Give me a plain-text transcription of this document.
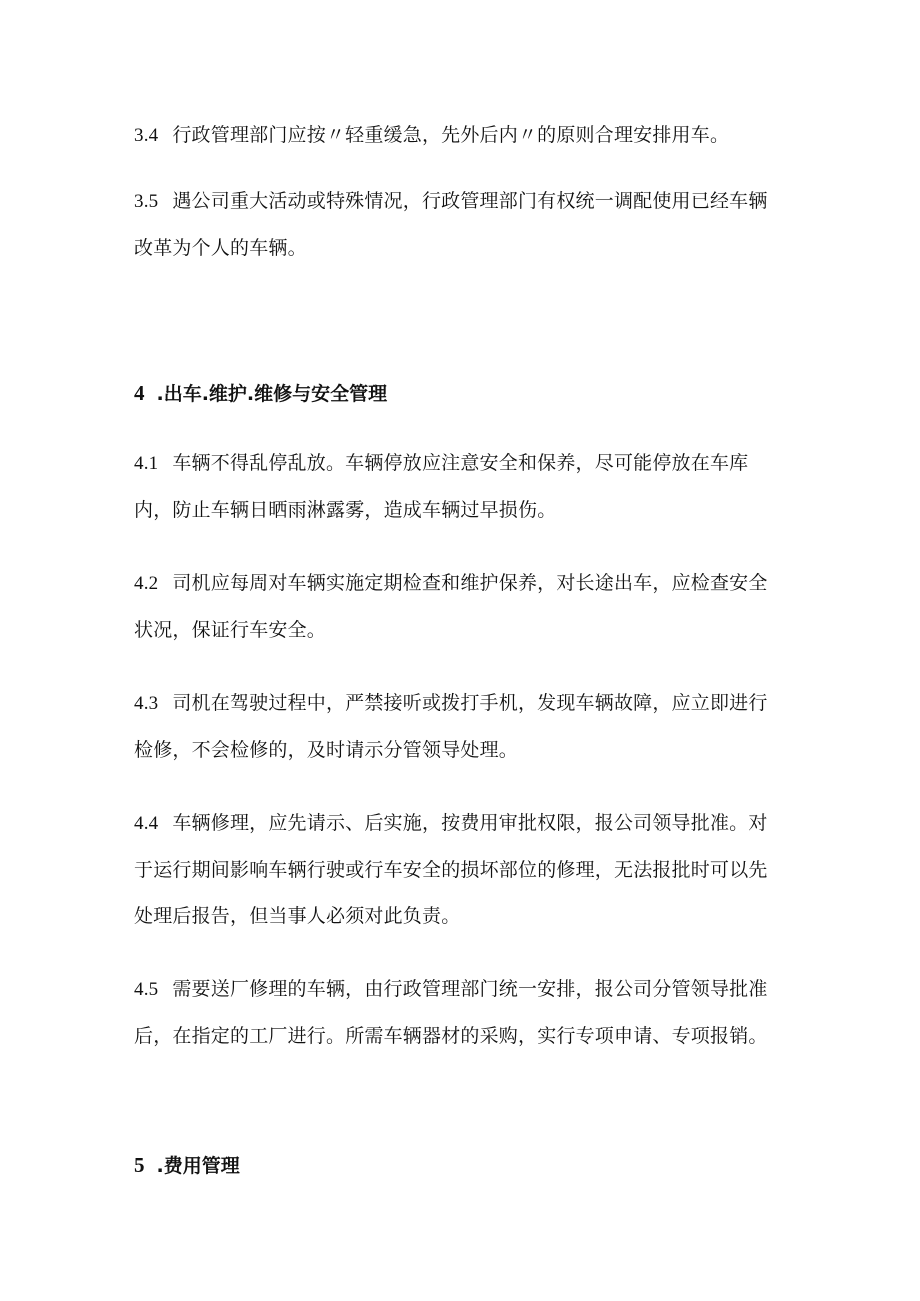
3.4 行政管理部门应按〃轻重缓急，先外后内〃的原则合理安排用车。
3.5 遇公司重大活动或特殊情况，行政管理部门有权统一调配使用已经车辆改革为个人的车辆。
4 .出车.维护.维修与安全管理
4.1 车辆不得乱停乱放。车辆停放应注意安全和保养，尽可能停放在车库内，防止车辆日晒雨淋露雾，造成车辆过早损伤。
4.2 司机应每周对车辆实施定期检查和维护保养，对长途出车，应检查安全状况，保证行车安全。
4.3 司机在驾驶过程中，严禁接听或拨打手机，发现车辆故障，应立即进行检修，不会检修的，及时请示分管领导处理。
4.4 车辆修理，应先请示、后实施，按费用审批权限，报公司领导批准。对于运行期间影响车辆行驶或行车安全的损坏部位的修理，无法报批时可以先处理后报告，但当事人必须对此负责。
4.5 需要送厂修理的车辆，由行政管理部门统一安排，报公司分管领导批准后，在指定的工厂进行。所需车辆器材的采购，实行专项申请、专项报销。
5 .费用管理
